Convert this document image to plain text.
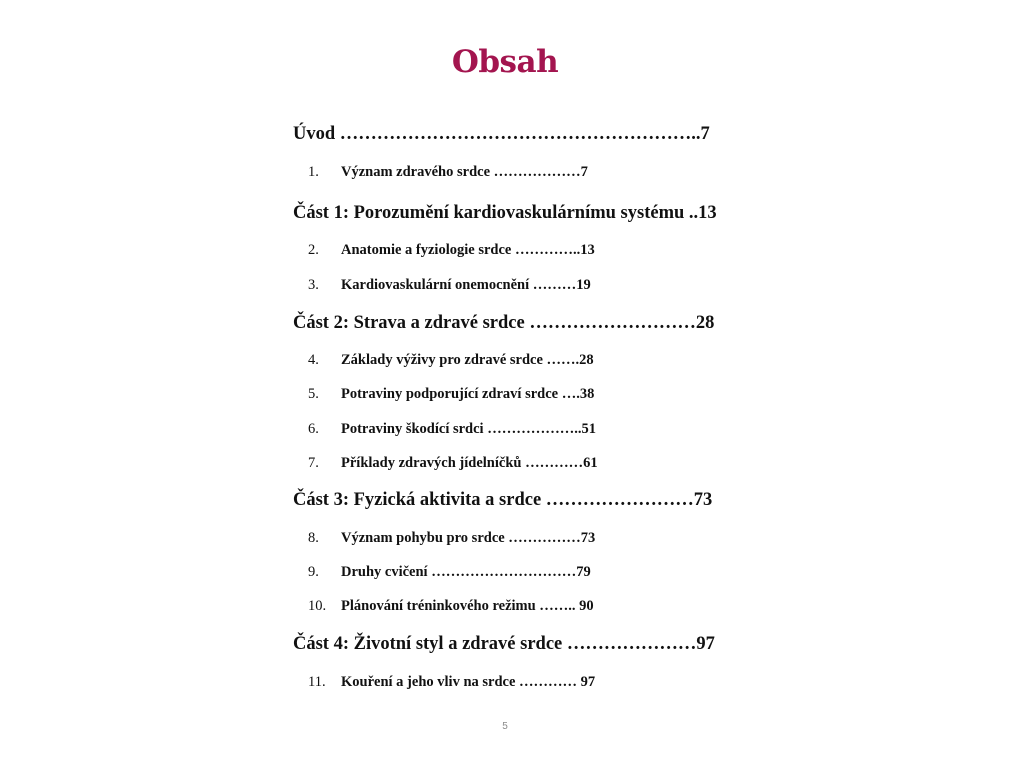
Obsah
Úvod …………………………………………………..7
1. Význam zdravého srdce ………………7
Část 1: Porozumění kardiovaskulárnímu systému ..13
2. Anatomie a fyziologie srdce …………..13
3. Kardiovaskulární onemocnění ………19
Část 2: Strava a zdravé srdce ………………………28
4. Základy výživy pro zdravé srdce …….28
5. Potraviny podporující zdraví srdce ….38
6. Potraviny škodící srdci ………………..51
7. Příklady zdravých jídelníčků …………61
Část 3: Fyzická aktivita a srdce ……………………73
8. Význam pohybu pro srdce ……………73
9. Druhy cvičení …………………………79
10. Plánování tréninkového režimu …….. 90
Část 4: Životní styl a zdravé srdce …………………97
11. Kouření a jeho vliv na srdce ………… 97
5
